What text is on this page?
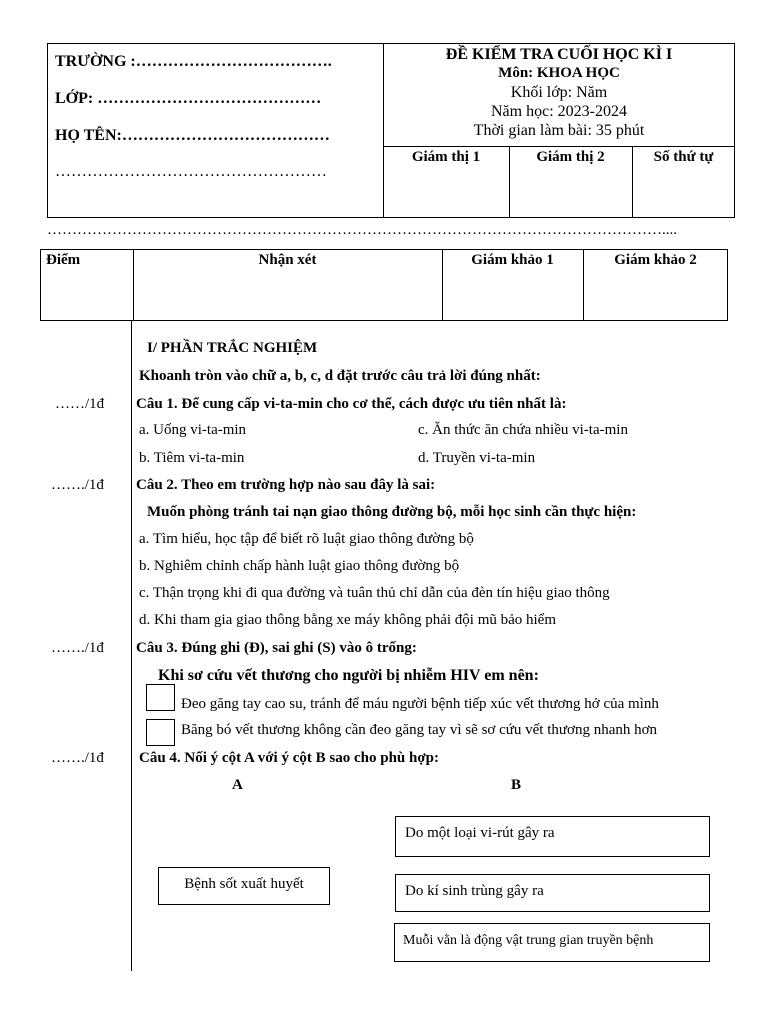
TRƯỜNG :……………………………….
LỚP: ……………………………………
HỌ TÊN:…………………………………
……………………………………………
ĐỀ KIỂM TRA CUỐI HỌC KÌ I
Môn: KHOA HỌC
Khối lớp: Năm
Năm học: 2023-2024
Thời gian làm bài: 35 phút
Giám thị 1	Giám thị 2	Số thứ tự
……………………………………………………………………………………………………………....
Điểm	Nhận xét	Giám khảo 1	Giám khảo 2
I/ PHẦN TRẮC NGHIỆM
Khoanh tròn vào chữ a, b, c, d đặt trước câu trả lời đúng nhất:
……/1đ Câu 1. Để cung cấp vi-ta-min cho cơ thể, cách được ưu tiên nhất là:
a. Uống vi-ta-min	c. Ăn thức ăn chứa nhiều vi-ta-min
b. Tiêm vi-ta-min	d. Truyền vi-ta-min
……./1đ Câu 2. Theo em trường hợp nào sau đây là sai:
Muốn phòng tránh tai nạn giao thông đường bộ, mỗi học sinh cần thực hiện:
a. Tìm hiểu, học tập để biết rõ luật giao thông đường bộ
b. Nghiêm chỉnh chấp hành luật giao thông đường bộ
c. Thận trọng khi đi qua đường và tuân thủ chỉ dẫn của đèn tín hiệu giao thông
d. Khi tham gia giao thông bằng xe máy không phải đội mũ bảo hiểm
……./1đ Câu 3. Đúng ghi (Đ), sai ghi (S) vào ô trống:
Khi sơ cứu vết thương cho người bị nhiễm HIV em nên:
Đeo găng tay cao su, tránh để máu người bệnh tiếp xúc vết thương hở của mình
Băng bó vết thương không cần đeo găng tay vì sẽ sơ cứu vết thương nhanh hơn
……./1đ Câu 4. Nối ý cột A với ý cột B sao cho phù hợp:
A	B
Bệnh sốt xuất huyết
Do một loại vi-rút gây ra
Do kí sinh trùng gây ra
Muỗi vằn là động vật trung gian truyền bệnh
